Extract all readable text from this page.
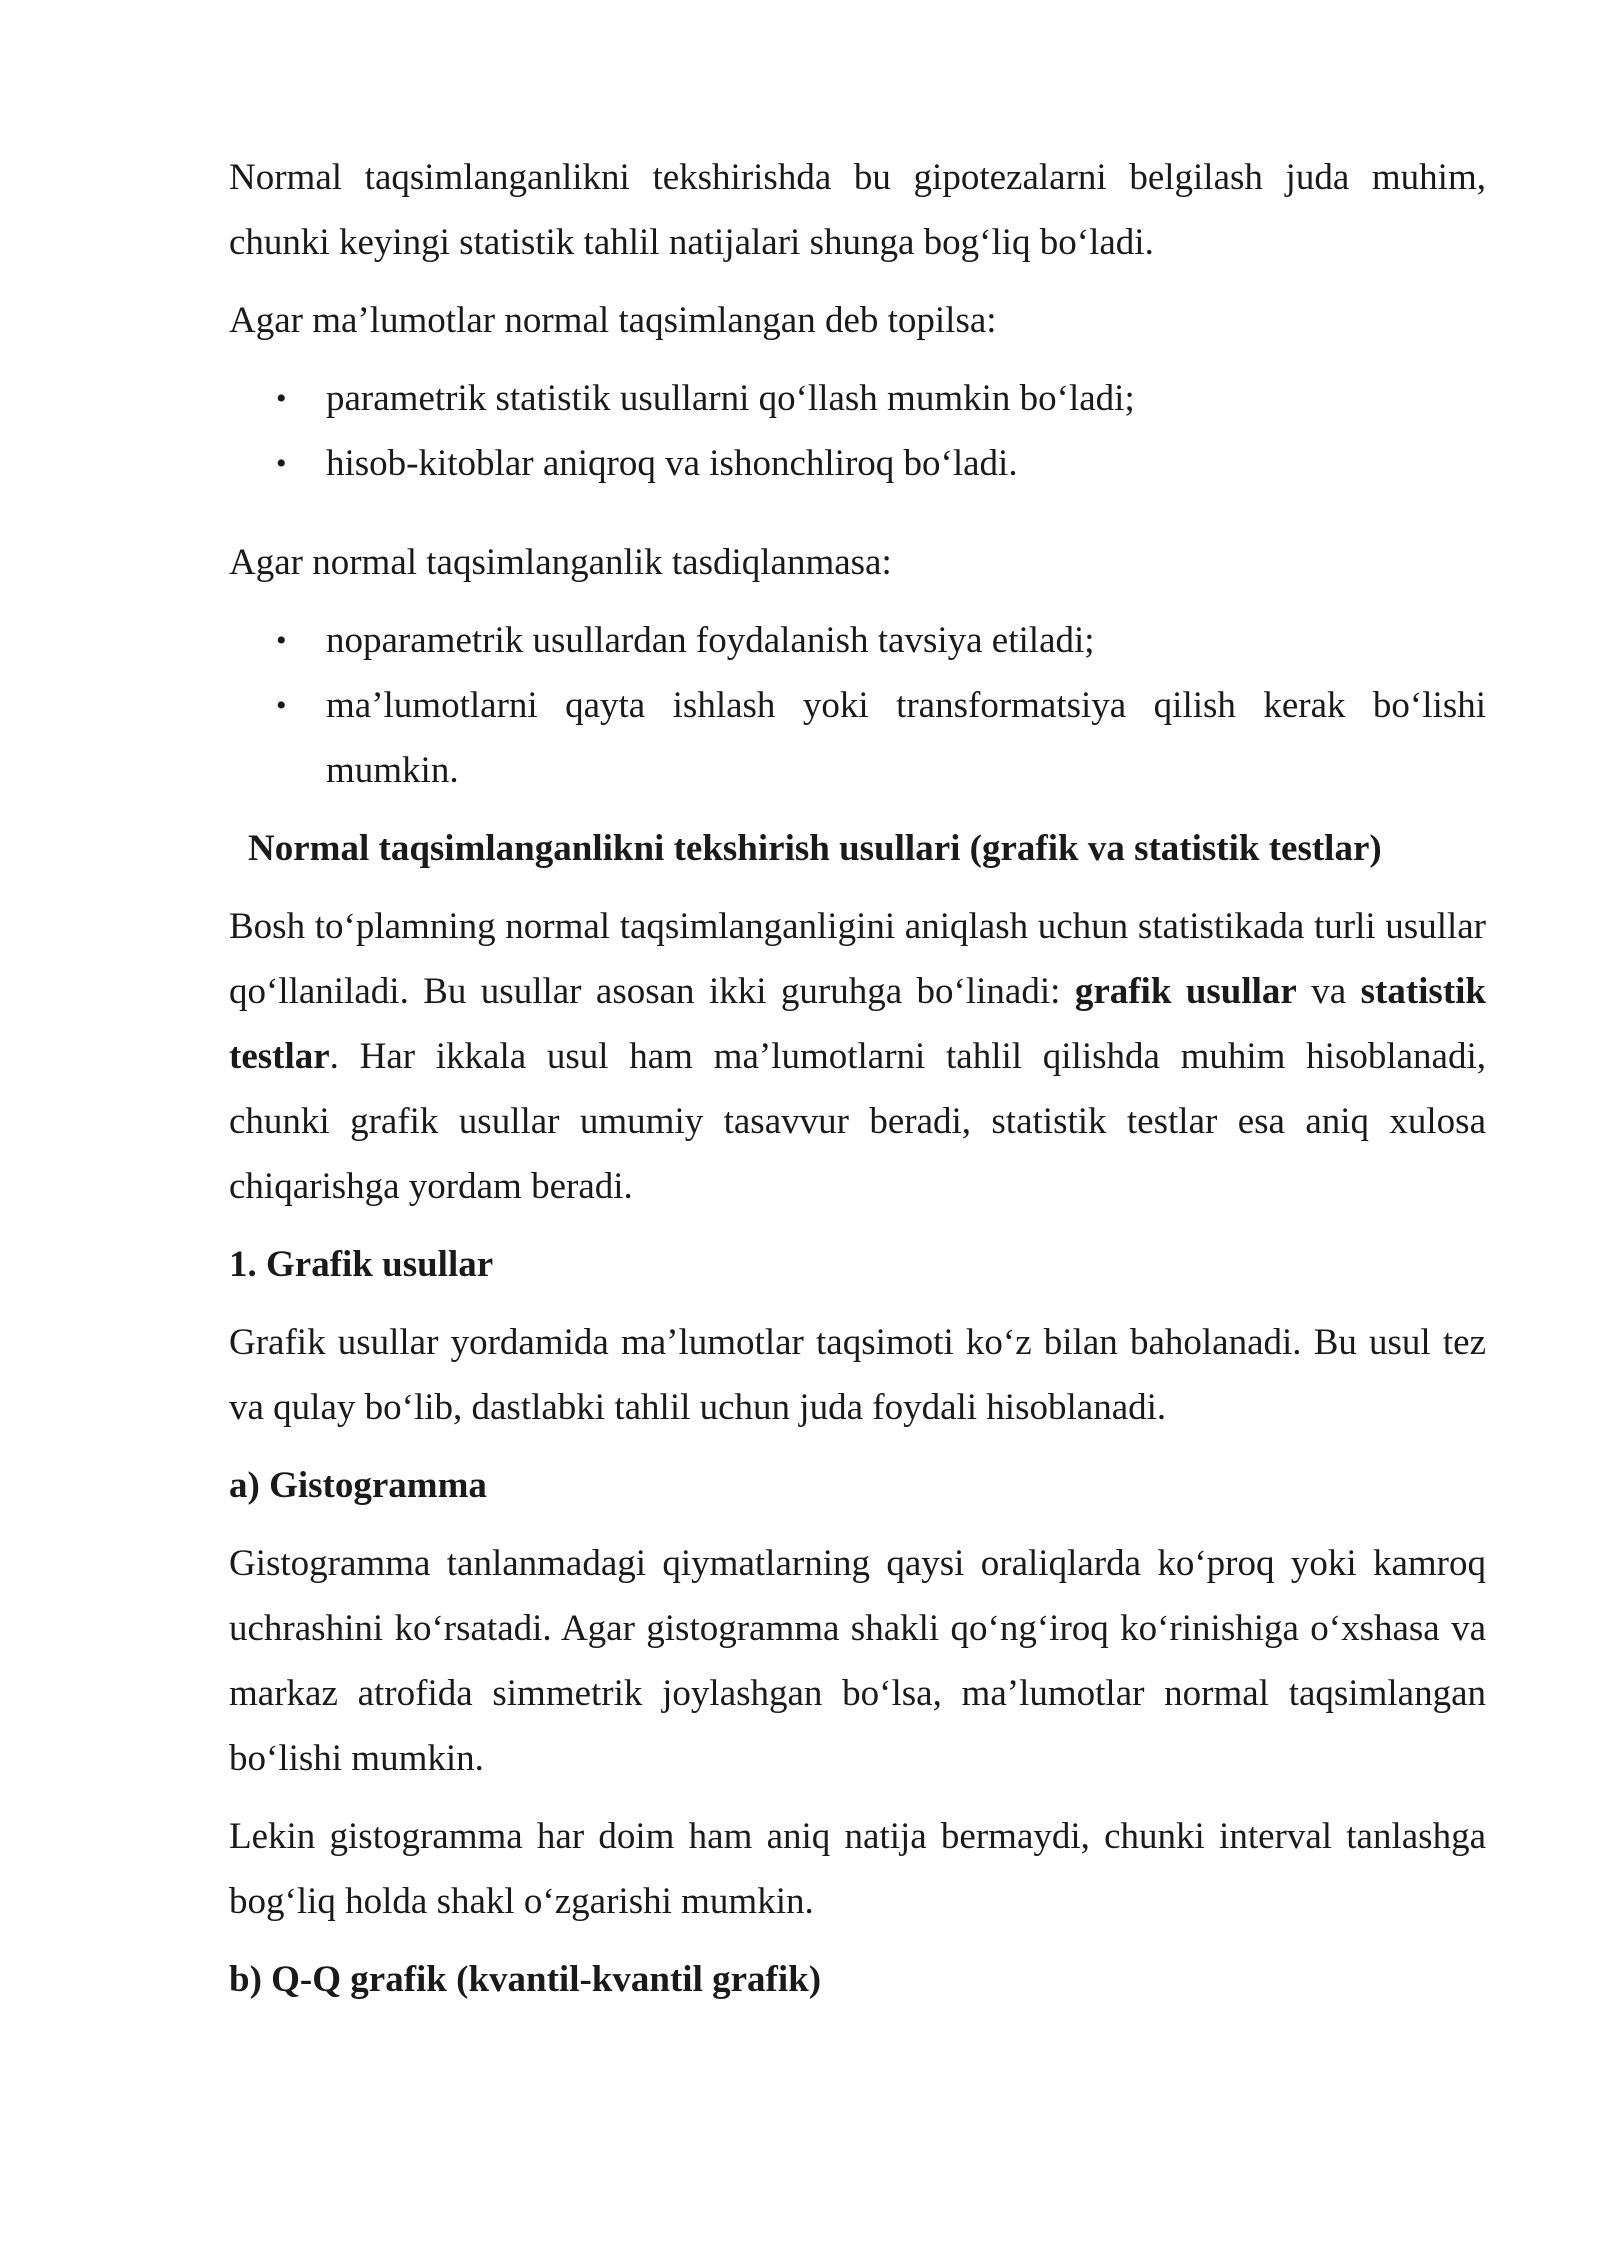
Normal taqsimlanganlikni tekshirishda bu gipotezalarni belgilash juda muhim, chunki keyingi statistik tahlil natijalari shunga bog‘liq bo‘ladi.

Agar ma’lumotlar normal taqsimlangan deb topilsa:

• parametrik statistik usullarni qo‘llash mumkin bo‘ladi;
• hisob-kitoblar aniqroq va ishonchliroq bo‘ladi.

Agar normal taqsimlanganlik tasdiqlanmasa:

• noparametrik usullardan foydalanish tavsiya etiladi;
• ma’lumotlarni qayta ishlash yoki transformatsiya qilish kerak bo‘lishi mumkin.

Normal taqsimlanganlikni tekshirish usullari (grafik va statistik testlar)

Bosh to‘plamning normal taqsimlanganligini aniqlash uchun statistikada turli usullar qo‘llaniladi. Bu usullar asosan ikki guruhga bo‘linadi: grafik usullar va statistik testlar. Har ikkala usul ham ma’lumotlarni tahlil qilishda muhim hisoblanadi, chunki grafik usullar umumiy tasavvur beradi, statistik testlar esa aniq xulosa chiqarishga yordam beradi.

1. Grafik usullar

Grafik usullar yordamida ma’lumotlar taqsimoti ko‘z bilan baholanadi. Bu usul tez va qulay bo‘lib, dastlabki tahlil uchun juda foydali hisoblanadi.

a) Gistogramma

Gistogramma tanlanmadagi qiymatlarning qaysi oraliqlarda ko‘proq yoki kamroq uchrashini ko‘rsatadi. Agar gistogramma shakli qo‘ng‘iroq ko‘rinishiga o‘xshasa va markaz atrofida simmetrik joylashgan bo‘lsa, ma’lumotlar normal taqsimlangan bo‘lishi mumkin.

Lekin gistogramma har doim ham aniq natija bermaydi, chunki interval tanlashga bog‘liq holda shakl o‘zgarishi mumkin.

b) Q-Q grafik (kvantil-kvantil grafik)
